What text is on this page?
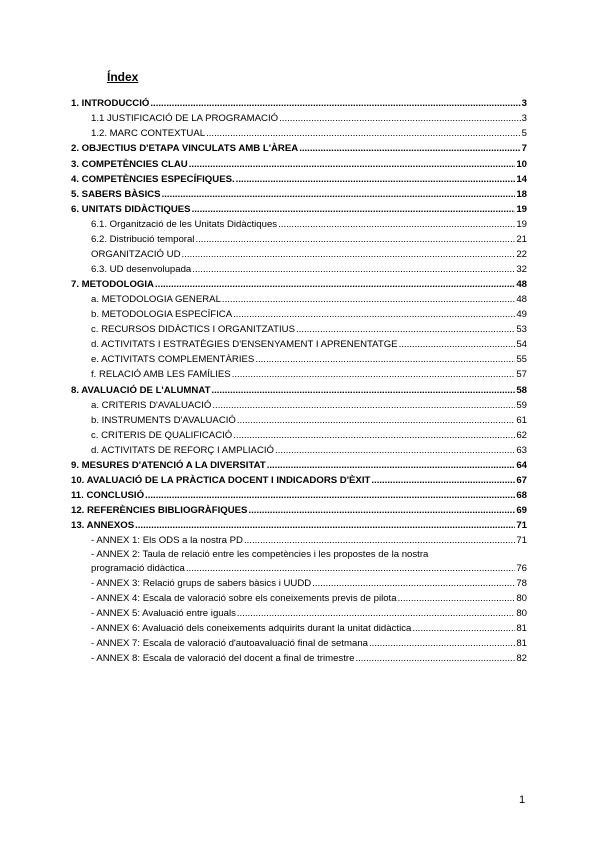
Índex
1. INTRODUCCIÓ .....	3
1.1 JUSTIFICACIÓ DE LA PROGRAMACIÓ .....	3
1.2. MARC CONTEXTUAL .....	5
2. OBJECTIUS D'ETAPA VINCULATS AMB L'ÀREA .....	7
3. COMPETÈNCIES CLAU .....	10
4. COMPETÈNCIES ESPECÍFIQUES. .....	14
5. SABERS BÀSICS .....	18
6. UNITATS DIDÀCTIQUES .....	19
6.1. Organització de les Unitats Didàctiques .....	19
6.2. Distribució temporal .....	21
ORGANITZACIÓ UD .....	22
6.3. UD desenvolupada .....	32
7. METODOLOGIA .....	48
a. METODOLOGIA GENERAL .....	48
b. METODOLOGIA ESPECÍFICA .....	49
c. RECURSOS DIDÀCTICS I ORGANITZATIUS .....	53
d. ACTIVITATS I ESTRATÈGIES D'ENSENYAMENT I APRENENTATGE .....	54
e. ACTIVITATS COMPLEMENTÀRIES .....	55
f. RELACIÓ AMB LES FAMÍLIES .....	57
8. AVALUACIÓ DE L'ALUMNAT .....	58
a. CRITERIS D'AVALUACIÓ .....	59
b. INSTRUMENTS D'AVALUACIÓ .....	61
c. CRITERIS DE QUALIFICACIÓ .....	62
d. ACTIVITATS DE REFORÇ I AMPLIACIÓ .....	63
9. MESURES D'ATENCIÓ A LA DIVERSITAT .....	64
10. AVALUACIÓ DE LA PRÀCTICA DOCENT I INDICADORS D'ÈXIT .....	67
11. CONCLUSIÓ .....	68
12. REFERÈNCIES BIBLIOGRÀFIQUES .....	69
13. ANNEXOS .....	71
- ANNEX 1: Els ODS a la nostra PD .....	71
- ANNEX 2: Taula de relació entre les competències i les propostes de la nostra
programació didàctica .....	76
- ANNEX 3: Relació grups de sabers bàsics i UUDD .....	78
- ANNEX 4: Escala de valoració sobre els coneixements previs de pilota .....	80
- ANNEX 5: Avaluació entre iguals .....	80
- ANNEX 6: Avaluació dels coneixements adquirits durant la unitat didàctica .....	81
- ANNEX 7: Escala de valoració d'autoavaluació final de setmana .....	81
- ANNEX 8: Escala de valoració del docent a final de trimestre .....	82
1
